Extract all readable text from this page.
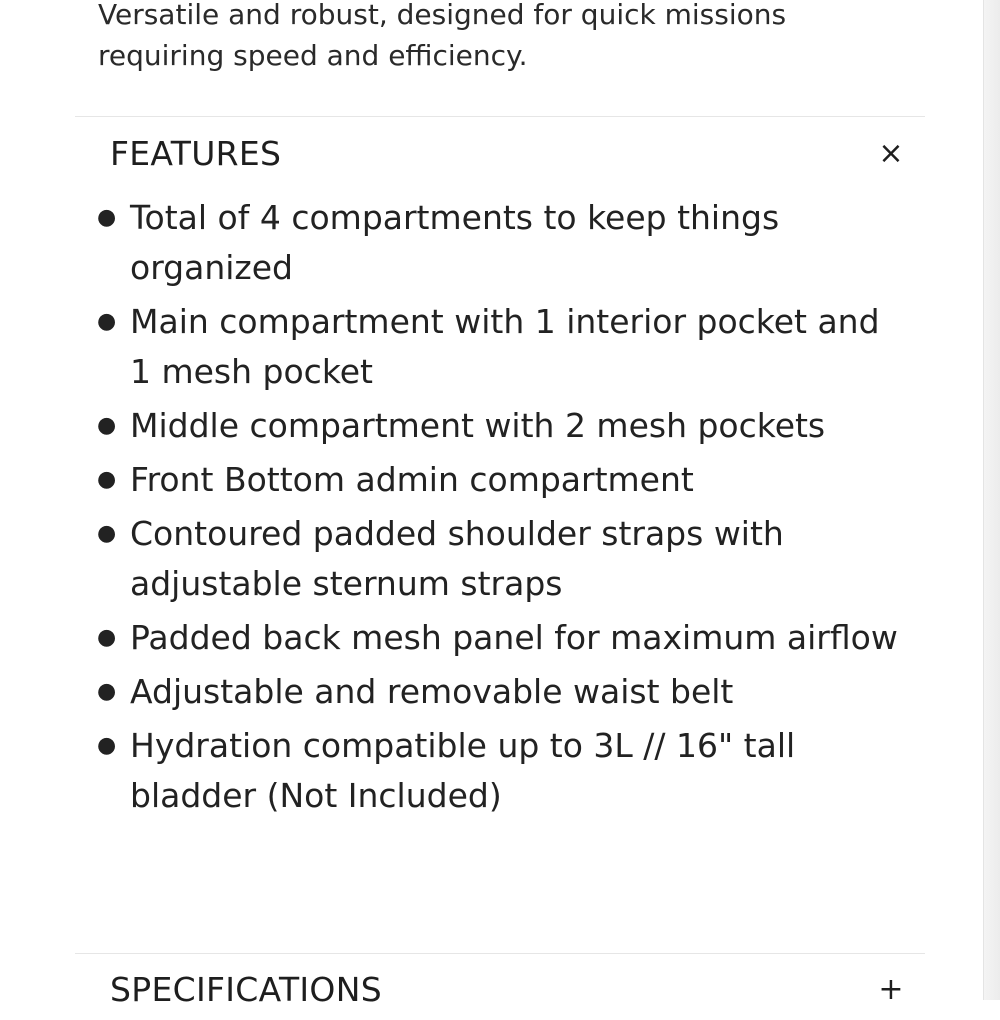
Versatile and robust, designed for quick missions
requiring speed and efficiency.

FEATURES	×
● Total of 4 compartments to keep things organized
● Main compartment with 1 interior pocket and 1 mesh pocket
● Middle compartment with 2 mesh pockets
● Front Bottom admin compartment
● Contoured padded shoulder straps with adjustable sternum straps
● Padded back mesh panel for maximum airflow
● Adjustable and removable waist belt
● Hydration compatible up to 3L // 16" tall bladder (Not Included)
SPECIFICATIONS	+
